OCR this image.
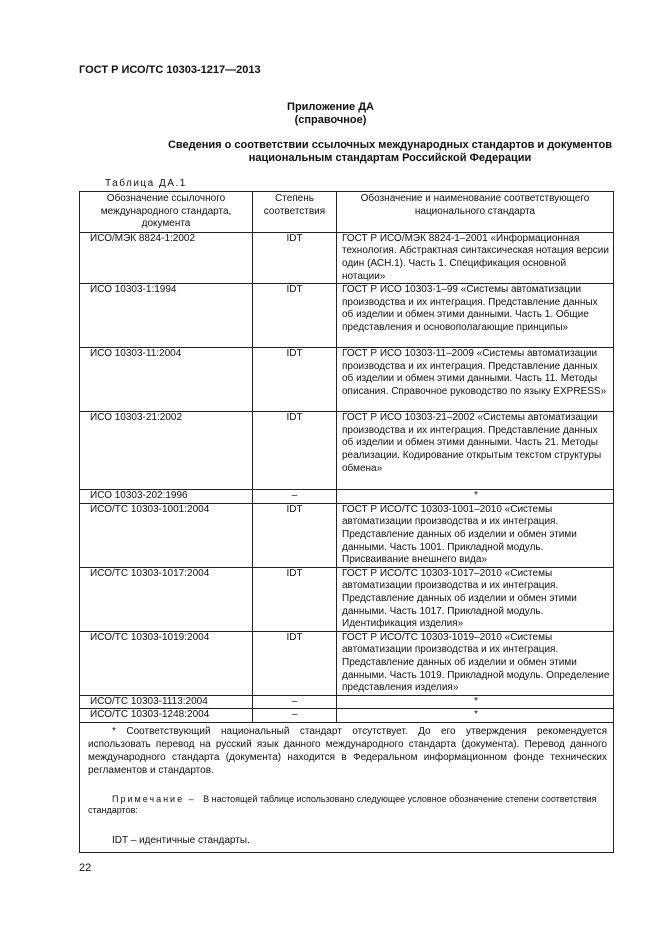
ГОСТ Р ИСО/ТС 10303-1217—2013
Приложение ДА
(справочное)
Сведения о соответствии ссылочных международных стандартов и документов
национальным стандартам Российской Федерации
Таблица ДА.1
Обозначение ссылочного международного стандарта, документа	Степень соответствия	Обозначение и наименование соответствующего национального стандарта
ИСО/МЭК 8824-1:2002	IDT	ГОСТ Р ИСО/МЭК 8824-1–2001 «Информационная технология. Абстрактная синтаксическая нотация версии один (АСН.1). Часть 1. Спецификация основной нотации»
ИСО 10303-1:1994	IDT	ГОСТ Р ИСО 10303-1–99 «Системы автоматизации производства и их интеграция. Представление данных об изделии и обмен этими данными. Часть 1. Общие представления и основополагающие принципы»
ИСО 10303-11:2004	IDT	ГОСТ Р ИСО 10303-11–2009 «Системы автоматизации производства и их интеграция. Представление данных об изделии и обмен этими данными. Часть 11. Методы описания. Справочное руководство по языку EXPRESS»
ИСО 10303-21:2002	IDT	ГОСТ Р ИСО 10303-21–2002 «Системы автоматизации производства и их интеграция. Представление данных об изделии и обмен этими данными. Часть 21. Методы реализации. Кодирование открытым текстом структуры обмена»
ИСО 10303-202:1996	–	*
ИСО/ТС 10303-1001:2004	IDT	ГОСТ Р ИСО/ТС 10303-1001–2010 «Системы автоматизации производства и их интеграция. Представление данных об изделии и обмен этими данными. Часть 1001. Прикладной модуль. Присваивание внешнего вида»
ИСО/ТС 10303-1017:2004	IDT	ГОСТ Р ИСО/ТС 10303-1017–2010 «Системы автоматизации производства и их интеграция. Представление данных об изделии и обмен этими данными. Часть 1017. Прикладной модуль. Идентификация изделия»
ИСО/ТС 10303-1019:2004	IDT	ГОСТ Р ИСО/ТС 10303-1019–2010 «Системы автоматизации производства и их интеграция. Представление данных об изделии и обмен этими данными. Часть 1019. Прикладной модуль. Определение представления изделия»
ИСО/ТС 10303-1113:2004	–	*
ИСО/ТС 10303-1248:2004	–	*

* Соответствующий национальный стандарт отсутствует. До его утверждения рекомендуется использовать перевод на русский язык данного международного стандарта (документа). Перевод данного международного стандарта (документа) находится в Федеральном информационном фонде технических регламентов и стандартов.
Примечание – В настоящей таблице использовано следующее условное обозначение степени соответствия стандартов:
IDT – идентичные стандарты.		
22
